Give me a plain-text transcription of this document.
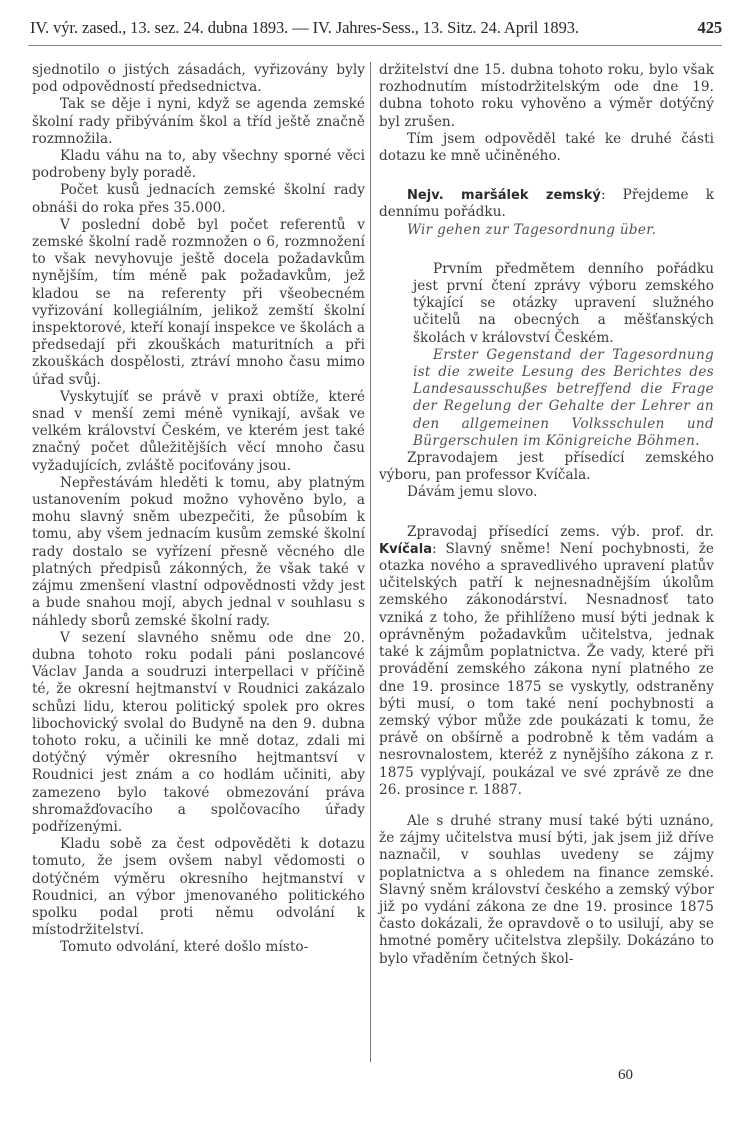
IV. výr. zased., 13. sez. 24. dubna 1893. — IV. Jahres-Sess., 13. Sitz. 24. April 1893.	425

sjednotilo o jistých zásadách, vyřizovány byly pod odpovědností předsednictva.

Tak se děje i nyni, když se agenda zemské školní rady přibýváním škol a tříd ještě značně rozmnožila.

Kladu váhu na to, aby všechny sporné věci podrobeny byly poradě.

Počet kusů jednacích zemské školní rady obnáši do roka přes 35.000.

V poslední době byl počet referentů v zemské školní radě rozmnožen o 6, rozmnožení to však nevyhovuje ještě docela požadavkům nynějším, tím méně pak požadavkům, jež kladou se na referenty při všeobecném vyřizování kollegiálním, jelikož zemští školní inspektorové, kteří konají inspekce ve školách a předsedají při zkouškách maturitních a při zkouškách dospělosti, ztráví mnoho času mimo úřad svůj.

Vyskytujíť se právě v praxi obtíže, které snad v menší zemi méně vynikají, avšak ve velkém království Českém, ve kterém jest také značný počet důležitějších věcí mnoho času vyžadujících, zvláště pociťovány jsou.

Nepřestávám hleděti k tomu, aby platným ustanovením pokud možno vyhověno bylo, a mohu slavný sněm ubezpečiti, že působím k tomu, aby všem jednacím kusům zemské školní rady dostalo se vyřízení přesně věcného dle platných předpisů zákonných, že však také v zájmu zmenšení vlastní odpovědnosti vždy jest a bude snahou mojí, abych jednal v souhlasu s náhledy sborů zemské školní rady.

V sezení slavného sněmu ode dne 20. dubna tohoto roku podali páni poslancové Václav Janda a soudruzi interpellaci v příčině té, že okresní hejtmanství v Roudnici zakázalo schůzi lidu, kterou politický spolek pro okres libochovický svolal do Budyně na den 9. dubna tohoto roku, a učinili ke mně dotaz, zdali mi dotýčný výměr okresního hejtmantsví v Roudnici jest znám a co hodlám učiniti, aby zamezeno bylo takové obmezování práva shromažďovacího a spolčovacího úřady podřízenými.

Kladu sobě za čest odpověděti k dotazu tomuto, že jsem ovšem nabyl vědomosti o dotýčném výměru okresního hejtmanství v Roudnici, an výbor jmenovaného politického spolku podal proti němu odvolání k místodržitelství.

Tomuto odvolání, které došlo místo-

držitelství dne 15. dubna tohoto roku, bylo však rozhodnutím místodržitelským ode dne 19. dubna tohoto roku vyhověno a výměr dotýčný byl zrušen.

Tím jsem odpověděl také ke druhé části dotazu ke mně učiněného.

Nejv. maršálek zemský: Přejdeme k dennímu pořádku.

Wir gehen zur Tagesordnung über.

Prvním předmětem denního pořádku jest první čtení zprávy výboru zemského týkající se otázky upravení služného učitelů na obecných a měšťanských školách v království Českém.

Erster Gegenstand der Tagesordnung ist die zweite Lesung des Berichtes des Landesausschußes betreffend die Frage der Regelung der Gehalte der Lehrer an den allgemeinen Volksschulen und Bürgerschulen im Königreiche Böhmen.

Zpravodajem jest přísedící zemského výboru, pan professor Kvíčala.

Dávám jemu slovo.

Zpravodaj přísedící zems. výb. prof. dr. Kvíčala: Slavný sněme! Není pochybnosti, že otazka nového a spravedlivého upravení platův učitelských patří k nejnesnadnějším úkolům zemského zákonodárství. Nesnadnosť tato vzniká z toho, že přihlíženo musí býti jednak k oprávněným požadavkům učitelstva, jednak také k zájmům poplatnictva. Že vady, které při provádění zemského zákona nyní platného ze dne 19. prosince 1875 se vyskytly, odstraněny býti musí, o tom také není pochybnosti a zemský výbor může zde poukázati k tomu, že právě on obšírně a podrobně k těm vadám a nesrovnalostem, kteréž z nynějšího zákona z r. 1875 vyplývají, poukázal ve své zprávě ze dne 26. prosince r. 1887.

Ale s druhé strany musí také býti uznáno, že zájmy učitelstva musí býti, jak jsem již dříve naznačil, v souhlas uvedeny se zájmy poplatnictva a s ohledem na finance zemské. Slavný sněm království českého a zemský výbor již po vydání zákona ze dne 19. prosince 1875 často dokázali, že opravdově o to usilují, aby se hmotné poměry učitelstva zlepšily. Dokázáno to bylo vřaděním četných škol-

60
